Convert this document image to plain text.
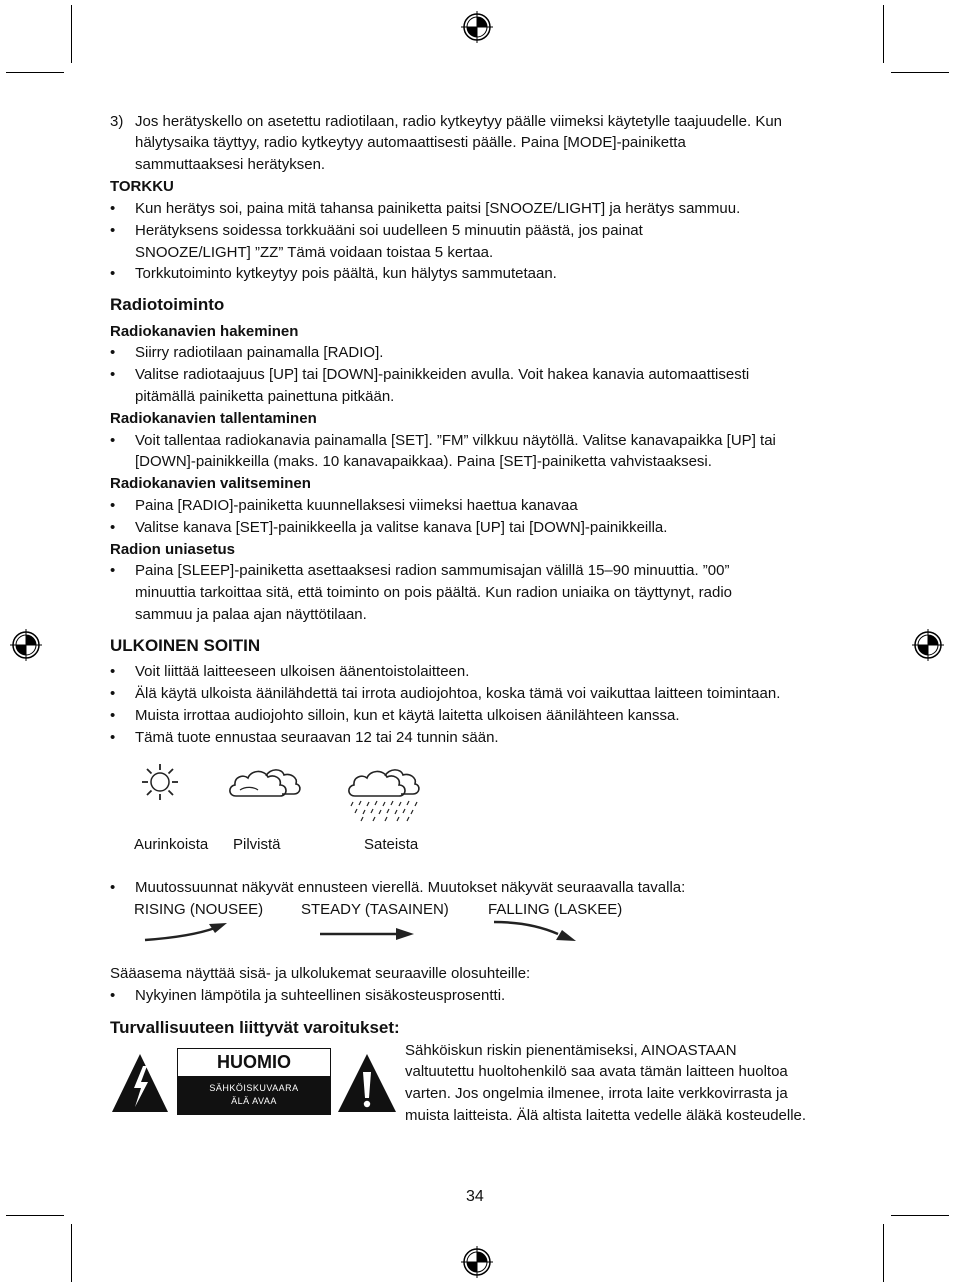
3) Jos herätyskello on asetettu radiotilaan, radio kytkeytyy päälle viimeksi käytetylle taajuudelle. Kun
hälytysaika täyttyy, radio kytkeytyy automaattisesti päälle. Paina [MODE]-painiketta
sammuttaaksesi herätyksen.
TORKKU
• Kun herätys soi, paina mitä tahansa painiketta paitsi [SNOOZE/LIGHT] ja herätys sammuu.
• Herätyksens soidessa torkkuääni soi uudelleen 5 minuutin päästä, jos painat
SNOOZE/LIGHT] ”ZZ” Tämä voidaan toistaa 5 kertaa.
• Torkkutoiminto kytkeytyy pois päältä, kun hälytys sammutetaan.
Radiotoiminto
Radiokanavien hakeminen
• Siirry radiotilaan painamalla [RADIO].
• Valitse radiotaajuus [UP] tai [DOWN]-painikkeiden avulla. Voit hakea kanavia automaattisesti
pitämällä painiketta painettuna pitkään.
Radiokanavien tallentaminen
• Voit tallentaa radiokanavia painamalla [SET]. ”FM” vilkkuu näytöllä. Valitse kanavapaikka [UP] tai
[DOWN]-painikkeilla (maks. 10 kanavapaikkaa). Paina [SET]-painiketta vahvistaaksesi.
Radiokanavien valitseminen
• Paina [RADIO]-painiketta kuunnellaksesi viimeksi haettua kanavaa
• Valitse kanava [SET]-painikkeella ja valitse kanava [UP] tai [DOWN]-painikkeilla.
Radion uniasetus
• Paina [SLEEP]-painiketta asettaaksesi radion sammumisajan välillä 15–90 minuuttia. ”00”
minuuttia tarkoittaa sitä, että toiminto on pois päältä. Kun radion uniaika on täyttynyt, radio
sammuu ja palaa ajan näyttötilaan.
ULKOINEN SOITIN
• Voit liittää laitteeseen ulkoisen äänentoistolaitteen.
• Älä käytä ulkoista äänilähdettä tai irrota audiojohtoa, koska tämä voi vaikuttaa laitteen toimintaan.
• Muista irrottaa audiojohto silloin, kun et käytä laitetta ulkoisen äänilähteen kanssa.
• Tämä tuote ennustaa seuraavan 12 tai 24 tunnin sään.
Aurinkoista Pilvistä	Sateista
• Muutossuunnat näkyvät ennusteen vierellä. Muutokset näkyvät seuraavalla tavalla:
RISING (NOUSEE)	STEADY (TASAINEN)	FALLING (LASKEE)
Sääasema näyttää sisä- ja ulkolukemat seuraaville olosuhteille:
• Nykyinen lämpötila ja suhteellinen sisäkosteusprosentti.
Turvallisuuteen liittyvät varoitukset:
HUOMIO
SÄHKÖISKUVAARA
ÄLÄ AVAA
Sähköiskun riskin pienentämiseksi, AINOASTAAN
valtuutettu huoltohenkilö saa avata tämän laitteen huoltoa
varten. Jos ongelmia ilmenee, irrota laite verkkovirrasta ja
muista laitteista. Älä altista laitetta vedelle äläkä kosteudelle.
34
